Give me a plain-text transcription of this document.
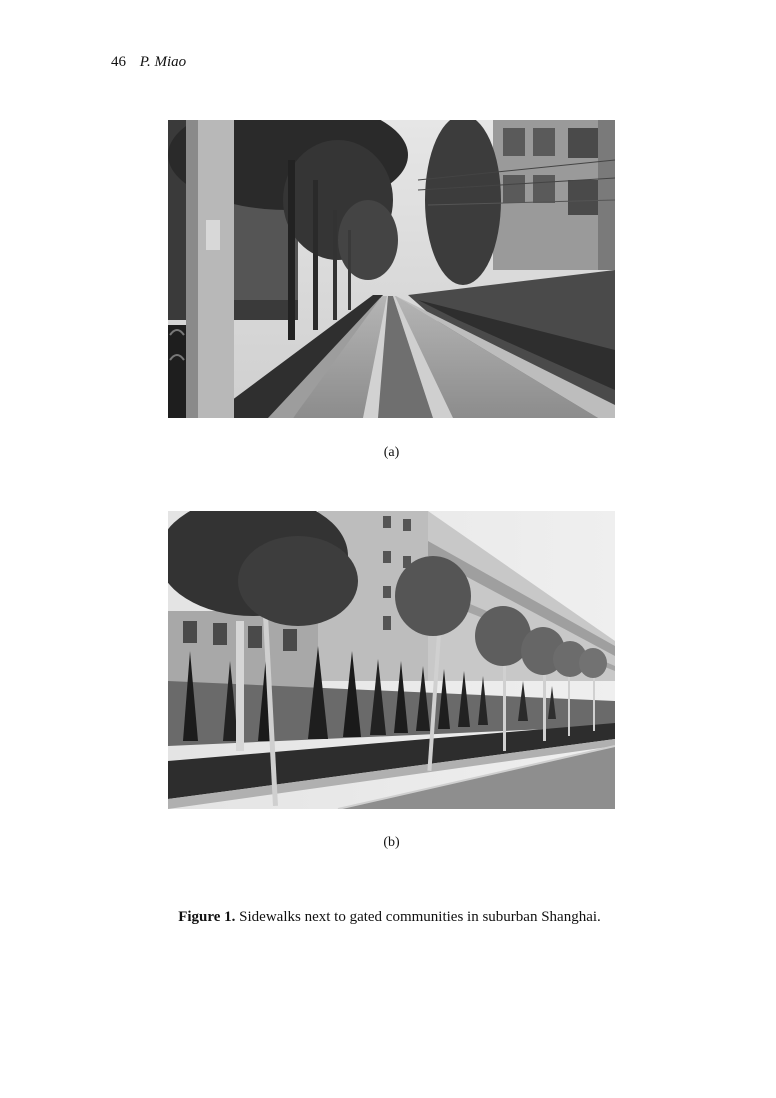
46 P. Miao
(a)
(b)
Figure 1. Sidewalks next to gated communities in suburban Shanghai.
